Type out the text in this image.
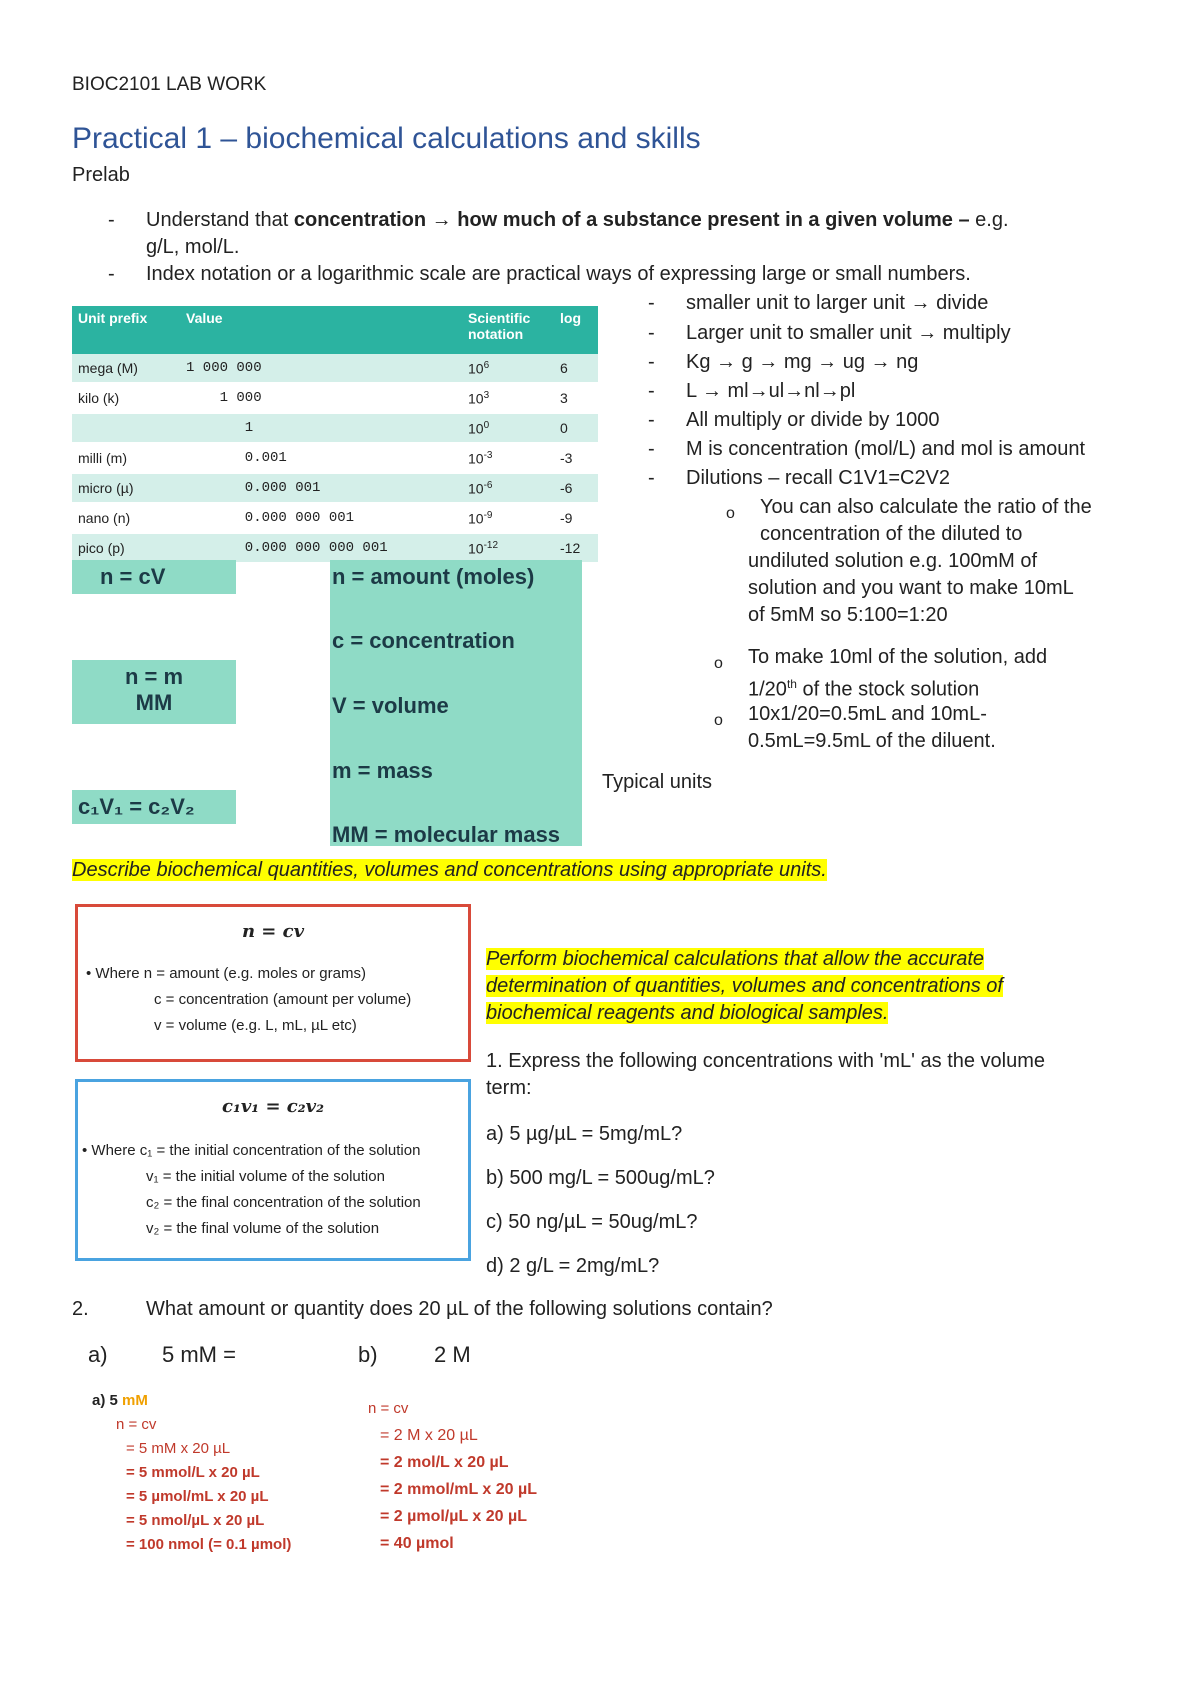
BIOC2101 LAB WORK
Practical 1 – biochemical calculations and skills
Prelab
- Understand that concentration → how much of a substance present in a given volume – e.g.
g/L, mol/L.
- Index notation or a logarithmic scale are practical ways of expressing large or small numbers.
Unit prefix	Value	Scientific notation	log
mega (M)	1 000 000	$10^6$	6
kilo (k)	1 000	$10^3$	3
	1	$10^0$	0
milli (m)	0.001	$10^{-3}$	-3
micro (µ)	0.000 001	$10^{-6}$	-6
nano (n)	0.000 000 001	$10^{-9}$	-9
pico (p)	0.000 000 000 001	$10^{-12}$	-12
n = cV
n = m
MM
c₁V₁ = c₂V₂
n = amount (moles)
c = concentration
V = volume
m = mass
MM = molecular mass
- smaller unit to larger unit → divide
- Larger unit to smaller unit → multiply
- Kg → g → mg → ug → ng
- L → ml→ul→nl→pl
- All multiply or divide by 1000
- M is concentration (mol/L) and mol is amount
- Dilutions – recall C1V1=C2V2
o You can also calculate the ratio of the
concentration of the diluted to
undiluted solution e.g. 100mM of
solution and you want to make 10mL
of 5mM so 5:100=1:20
o To make 10ml of the solution, add
1/20th of the stock solution
o 10x1/20=0.5mL and 10mL-
0.5mL=9.5mL of the diluent.
Typical units
Describe biochemical quantities, volumes and concentrations using appropriate units.
n = cv
• Where n = amount (e.g. moles or grams)
c = concentration (amount per volume)
v = volume (e.g. L, mL, µL etc)
c₁v₁ = c₂v₂
• Where c₁ = the initial concentration of the solution
v₁ = the initial volume of the solution
c₂ = the final concentration of the solution
v₂ = the final volume of the solution
Perform biochemical calculations that allow the accurate
determination of quantities, volumes and concentrations of
biochemical reagents and biological samples.
1. Express the following concentrations with 'mL' as the volume
term:
a) 5 µg/µL = 5mg/mL?
b) 500 mg/L = 500ug/mL?
c) 50 ng/µL = 50ug/mL?
d) 2 g/L = 2mg/mL?
2.	What amount or quantity does 20 µL of the following solutions contain?
a) 5 mM =	b)	2 M
a) 5 mM
n = cv
= 5 mM x 20 µL
= 5 mmol/L x 20 µL
= 5 µmol/mL x 20 µL
= 5 nmol/µL x 20 µL
= 100 nmol (= 0.1 µmol)
n = cv
= 2 M x 20 µL
= 2 mol/L x 20 µL
= 2 mmol/mL x 20 µL
= 2 µmol/µL x 20 µL
= 40 µmol
